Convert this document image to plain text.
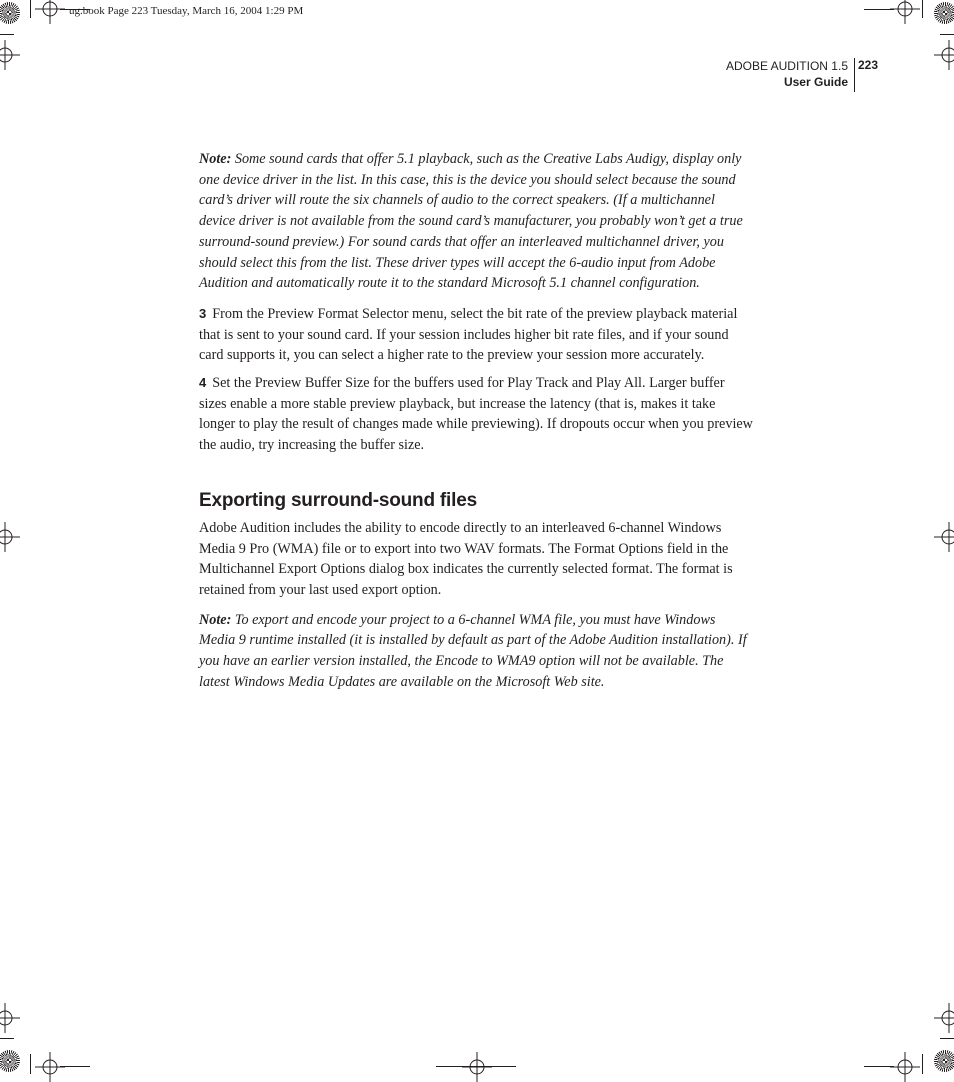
ug.book Page 223 Tuesday, March 16, 2004 1:29 PM
ADOBE AUDITION 1.5
User Guide
223

Note: Some sound cards that offer 5.1 playback, such as the Creative Labs Audigy, display only one device driver in the list. In this case, this is the device you should select because the sound card’s driver will route the six channels of audio to the correct speakers. (If a multichannel device driver is not available from the sound card’s manufacturer, you probably won’t get a true surround-sound preview.) For sound cards that offer an interleaved multichannel driver, you should select this from the list. These driver types will accept the 6-audio input from Adobe Audition and automatically route it to the standard Microsoft 5.1 channel configuration.

3 From the Preview Format Selector menu, select the bit rate of the preview playback material that is sent to your sound card. If your session includes higher bit rate files, and if your sound card supports it, you can select a higher rate to the preview your session more accurately.

4 Set the Preview Buffer Size for the buffers used for Play Track and Play All. Larger buffer sizes enable a more stable preview playback, but increase the latency (that is, makes it take longer to play the result of changes made while previewing). If dropouts occur when you preview the audio, try increasing the buffer size.

Exporting surround-sound files

Adobe Audition includes the ability to encode directly to an interleaved 6-channel Windows Media 9 Pro (WMA) file or to export into two WAV formats. The Format Options field in the Multichannel Export Options dialog box indicates the currently selected format. The format is retained from your last used export option.

Note: To export and encode your project to a 6-channel WMA file, you must have Windows Media 9 runtime installed (it is installed by default as part of the Adobe Audition installation). If you have an earlier version installed, the Encode to WMA9 option will not be available. The latest Windows Media Updates are available on the Microsoft Web site.
